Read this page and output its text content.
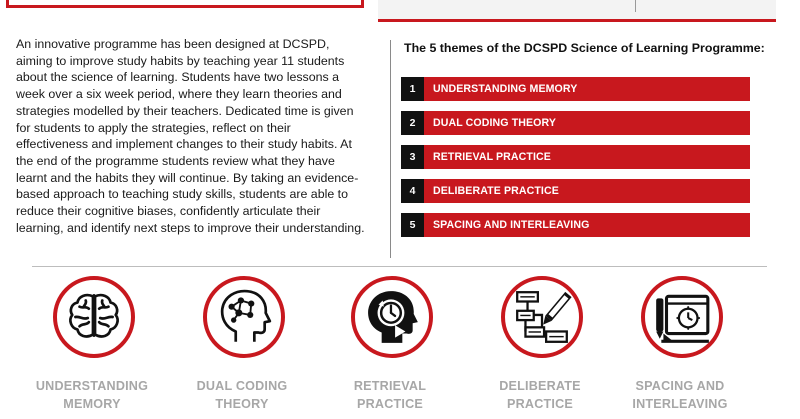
An innovative programme has been designed at DCSPD, aiming to improve study habits by teaching year 11 students about the science of learning. Students have two lessons a week over a six week period, where they learn theories and strategies modelled by their teachers. Dedicated time is given for students to apply the strategies, reflect on their effectiveness and implement changes to their study habits. At the end of the programme students review what they have learnt and the habits they will continue. By taking an evidence-based approach to teaching study skills, students are able to reduce their cognitive biases, confidently articulate their learning, and identify next steps to improve their understanding.

The 5 themes of the DCSPD Science of Learning Programme:
1	UNDERSTANDING MEMORY
2	DUAL CODING THEORY
3	RETRIEVAL PRACTICE
4	DELIBERATE PRACTICE
5	SPACING AND INTERLEAVING
UNDERSTANDING
MEMORY
DUAL CODING
THEORY
RETRIEVAL
PRACTICE
DELIBERATE
PRACTICE
SPACING AND
INTERLEAVING
